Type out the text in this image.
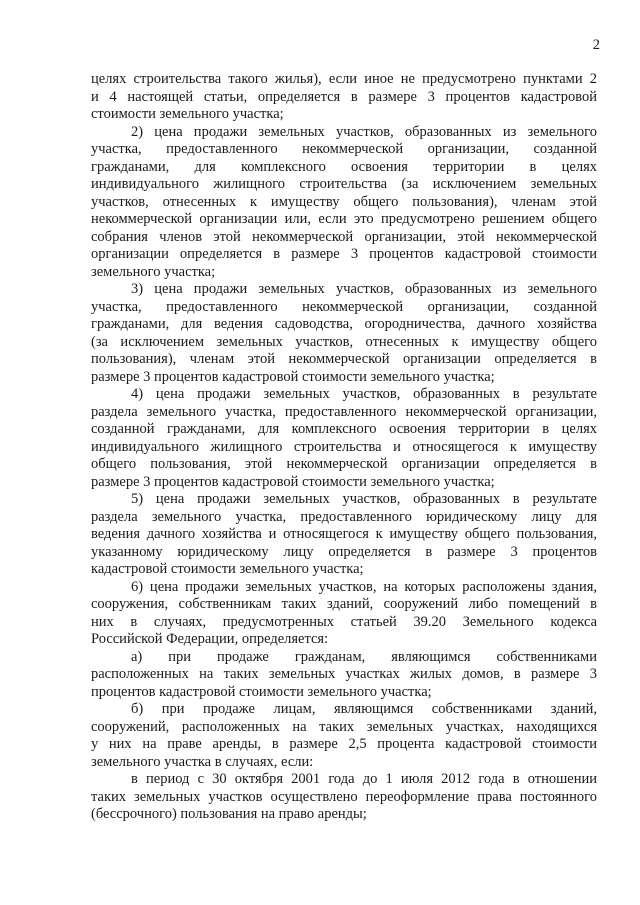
2
целях строительства такого жилья), если иное не предусмотрено пунктами 2
и 4 настоящей статьи, определяется в размере 3 процентов кадастровой
стоимости земельного участка;
2) цена продажи земельных участков, образованных из земельного
участка, предоставленного некоммерческой организации, созданной
гражданами, для комплексного освоения территории в целях
индивидуального жилищного строительства (за исключением земельных
участков, отнесенных к имуществу общего пользования), членам этой
некоммерческой организации или, если это предусмотрено решением общего
собрания членов этой некоммерческой организации, этой некоммерческой
организации определяется в размере 3 процентов кадастровой стоимости
земельного участка;
3) цена продажи земельных участков, образованных из земельного
участка, предоставленного некоммерческой организации, созданной
гражданами, для ведения садоводства, огородничества, дачного хозяйства
(за исключением земельных участков, отнесенных к имуществу общего
пользования), членам этой некоммерческой организации определяется в
размере 3 процентов кадастровой стоимости земельного участка;
4) цена продажи земельных участков, образованных в результате
раздела земельного участка, предоставленного некоммерческой организации,
созданной гражданами, для комплексного освоения территории в целях
индивидуального жилищного строительства и относящегося к имуществу
общего пользования, этой некоммерческой организации определяется в
размере 3 процентов кадастровой стоимости земельного участка;
5) цена продажи земельных участков, образованных в результате
раздела земельного участка, предоставленного юридическому лицу для
ведения дачного хозяйства и относящегося к имуществу общего пользования,
указанному юридическому лицу определяется в размере 3 процентов
кадастровой стоимости земельного участка;
6) цена продажи земельных участков, на которых расположены здания,
сооружения, собственникам таких зданий, сооружений либо помещений в
них в случаях, предусмотренных статьей 39.20 Земельного кодекса
Российской Федерации, определяется:
а) при продаже гражданам, являющимся собственниками
расположенных на таких земельных участках жилых домов, в размере 3
процентов кадастровой стоимости земельного участка;
б) при продаже лицам, являющимся собственниками зданий,
сооружений, расположенных на таких земельных участках, находящихся
у них на праве аренды, в размере 2,5 процента кадастровой стоимости
земельного участка в случаях, если:
в период с 30 октября 2001 года до 1 июля 2012 года в отношении
таких земельных участков осуществлено переоформление права постоянного
(бессрочного) пользования на право аренды;
